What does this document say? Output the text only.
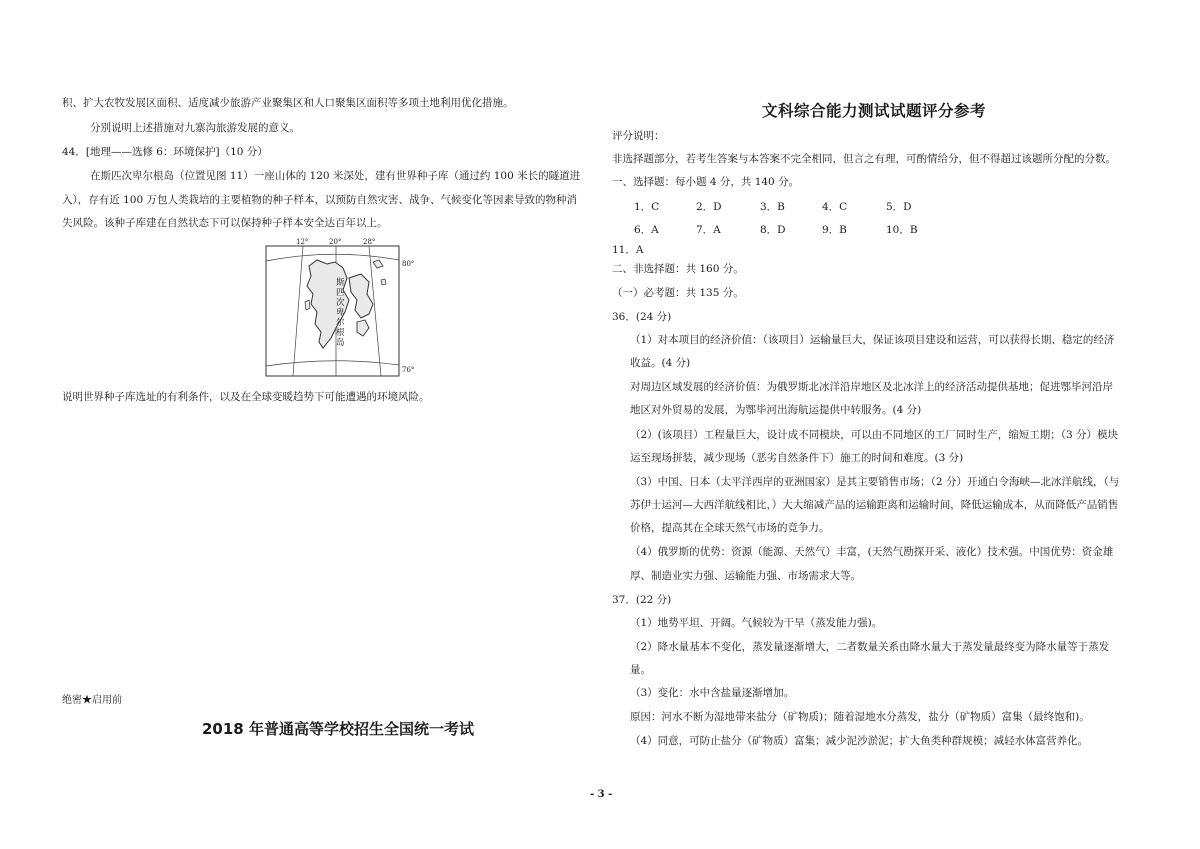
积、扩大农牧发展区面积、适度减少旅游产业聚集区和人口聚集区面积等多项土地利用优化措施。
分别说明上述措施对九寨沟旅游发展的意义。
44．[地理——选修 6：环境保护]（10 分）
在斯匹次卑尔根岛（位置见图 11）一座山体的 120 米深处，建有世界种子库（通过约 100 米长的隧道进
入），存有近 100 万包人类栽培的主要植物的种子样本，以预防自然灾害、战争、气候变化等因素导致的物种消
失风险。该种子库建在自然状态下可以保持种子样本安全达百年以上。
12°	20°	28°
80°
76°
斯
匹
次
卑
尔
根
岛
说明世界种子库选址的有利条件，以及在全球变暖趋势下可能遭遇的环境风险。
绝密★启用前
2018 年普通高等学校招生全国统一考试
文科综合能力测试试题评分参考
评分说明：
非选择题部分，若考生答案与本答案不完全相同，但言之有理，可酌情给分，但不得超过该题所分配的分数。
一、选择题：每小题 4 分，共 140 分。
1．C	2．D	3．B	4．C	5．D
6．A	7．A	8．D	9．B	10．B
11．A
二、非选择题：共 160 分。
（一）必考题：共 135 分。
36．(24 分)
（1）对本项目的经济价值：（该项目）运输量巨大，保证该项目建设和运营，可以获得长期、稳定的经济
收益。(4 分)
对周边区域发展的经济价值：为俄罗斯北冰洋沿岸地区及北冰洋上的经济活动提供基地；促进鄂毕河沿岸
地区对外贸易的发展，为鄂毕河出海航运提供中转服务。(4 分)
（2）(该项目）工程量巨大，设计成不同模块，可以由不同地区的工厂同时生产，缩短工期；（3 分）模块
运至现场拼装，减少现场（恶劣自然条件下）施工的时间和难度。(3 分)
（3）中国、日本（太平洋西岸的亚洲国家）是其主要销售市场；（2 分）开通白令海峡—北冰洋航线，（与
苏伊士运河—大西洋航线相比，）大大缩减产品的运输距离和运输时间，降低运输成本，从而降低产品销售
价格，提高其在全球天然气市场的竞争力。
（4）俄罗斯的优势：资源（能源、天然气）丰富，(天然气勘探开采、液化）技术强。中国优势：资金雄
厚、制造业实力强、运输能力强、市场需求大等。
37．(22 分)
（1）地势平坦、开阔。气候较为干旱（蒸发能力强)。
（2）降水量基本不变化，蒸发量逐渐增大，二者数量关系由降水量大于蒸发量最终变为降水量等于蒸发
量。
（3）变化：水中含盐量逐渐增加。
原因：河水不断为湿地带来盐分（矿物质)；随着湿地水分蒸发，盐分（矿物质）富集（最终饱和)。
（4）同意，可防止盐分（矿物质）富集；减少泥沙淤泥；扩大鱼类种群规模；减轻水体富营养化。
- 3 -
